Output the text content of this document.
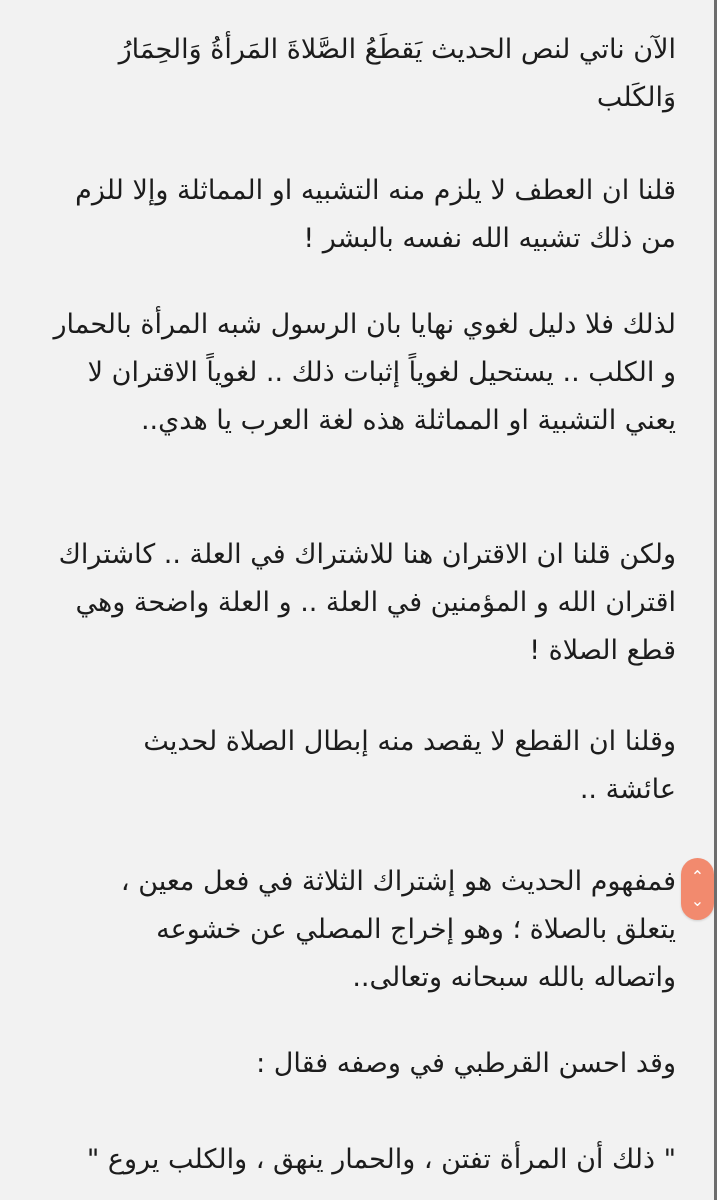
الآن ناتي لنص الحديث يَقطَعُ الصَّلاةَ المَرأةُ وَالحِمَارُ
وَالكَلب

قلنا ان العطف لا يلزم منه التشبيه او المماثلة وإلا للزم
من ذلك تشبيه الله نفسه بالبشر !

لذلك فلا دليل لغوي نهايا بان الرسول شبه المرأة بالحمار
و الكلب .. يستحيل لغوياً إثبات ذلك .. لغوياً الاقتران لا
يعني التشبية او المماثلة هذه لغة العرب يا هدي..

ولكن قلنا ان الاقتران هنا للاشتراك في العلة .. كاشتراك
اقتران الله و المؤمنين في العلة .. و العلة واضحة وهي
قطع الصلاة !

وقلنا ان القطع لا يقصد منه إبطال الصلاة لحديث
عائشة ..

فمفهوم الحديث هو إشتراك الثلاثة في فعل معين ،
يتعلق بالصلاة ؛ وهو إخراج المصلي عن خشوعه
واتصاله بالله سبحانه وتعالى..

وقد احسن القرطبي في وصفه فقال :

" ذلك أن المرأة تفتن ، والحمار ينهق ، والكلب يروع "

⌃
⌄
